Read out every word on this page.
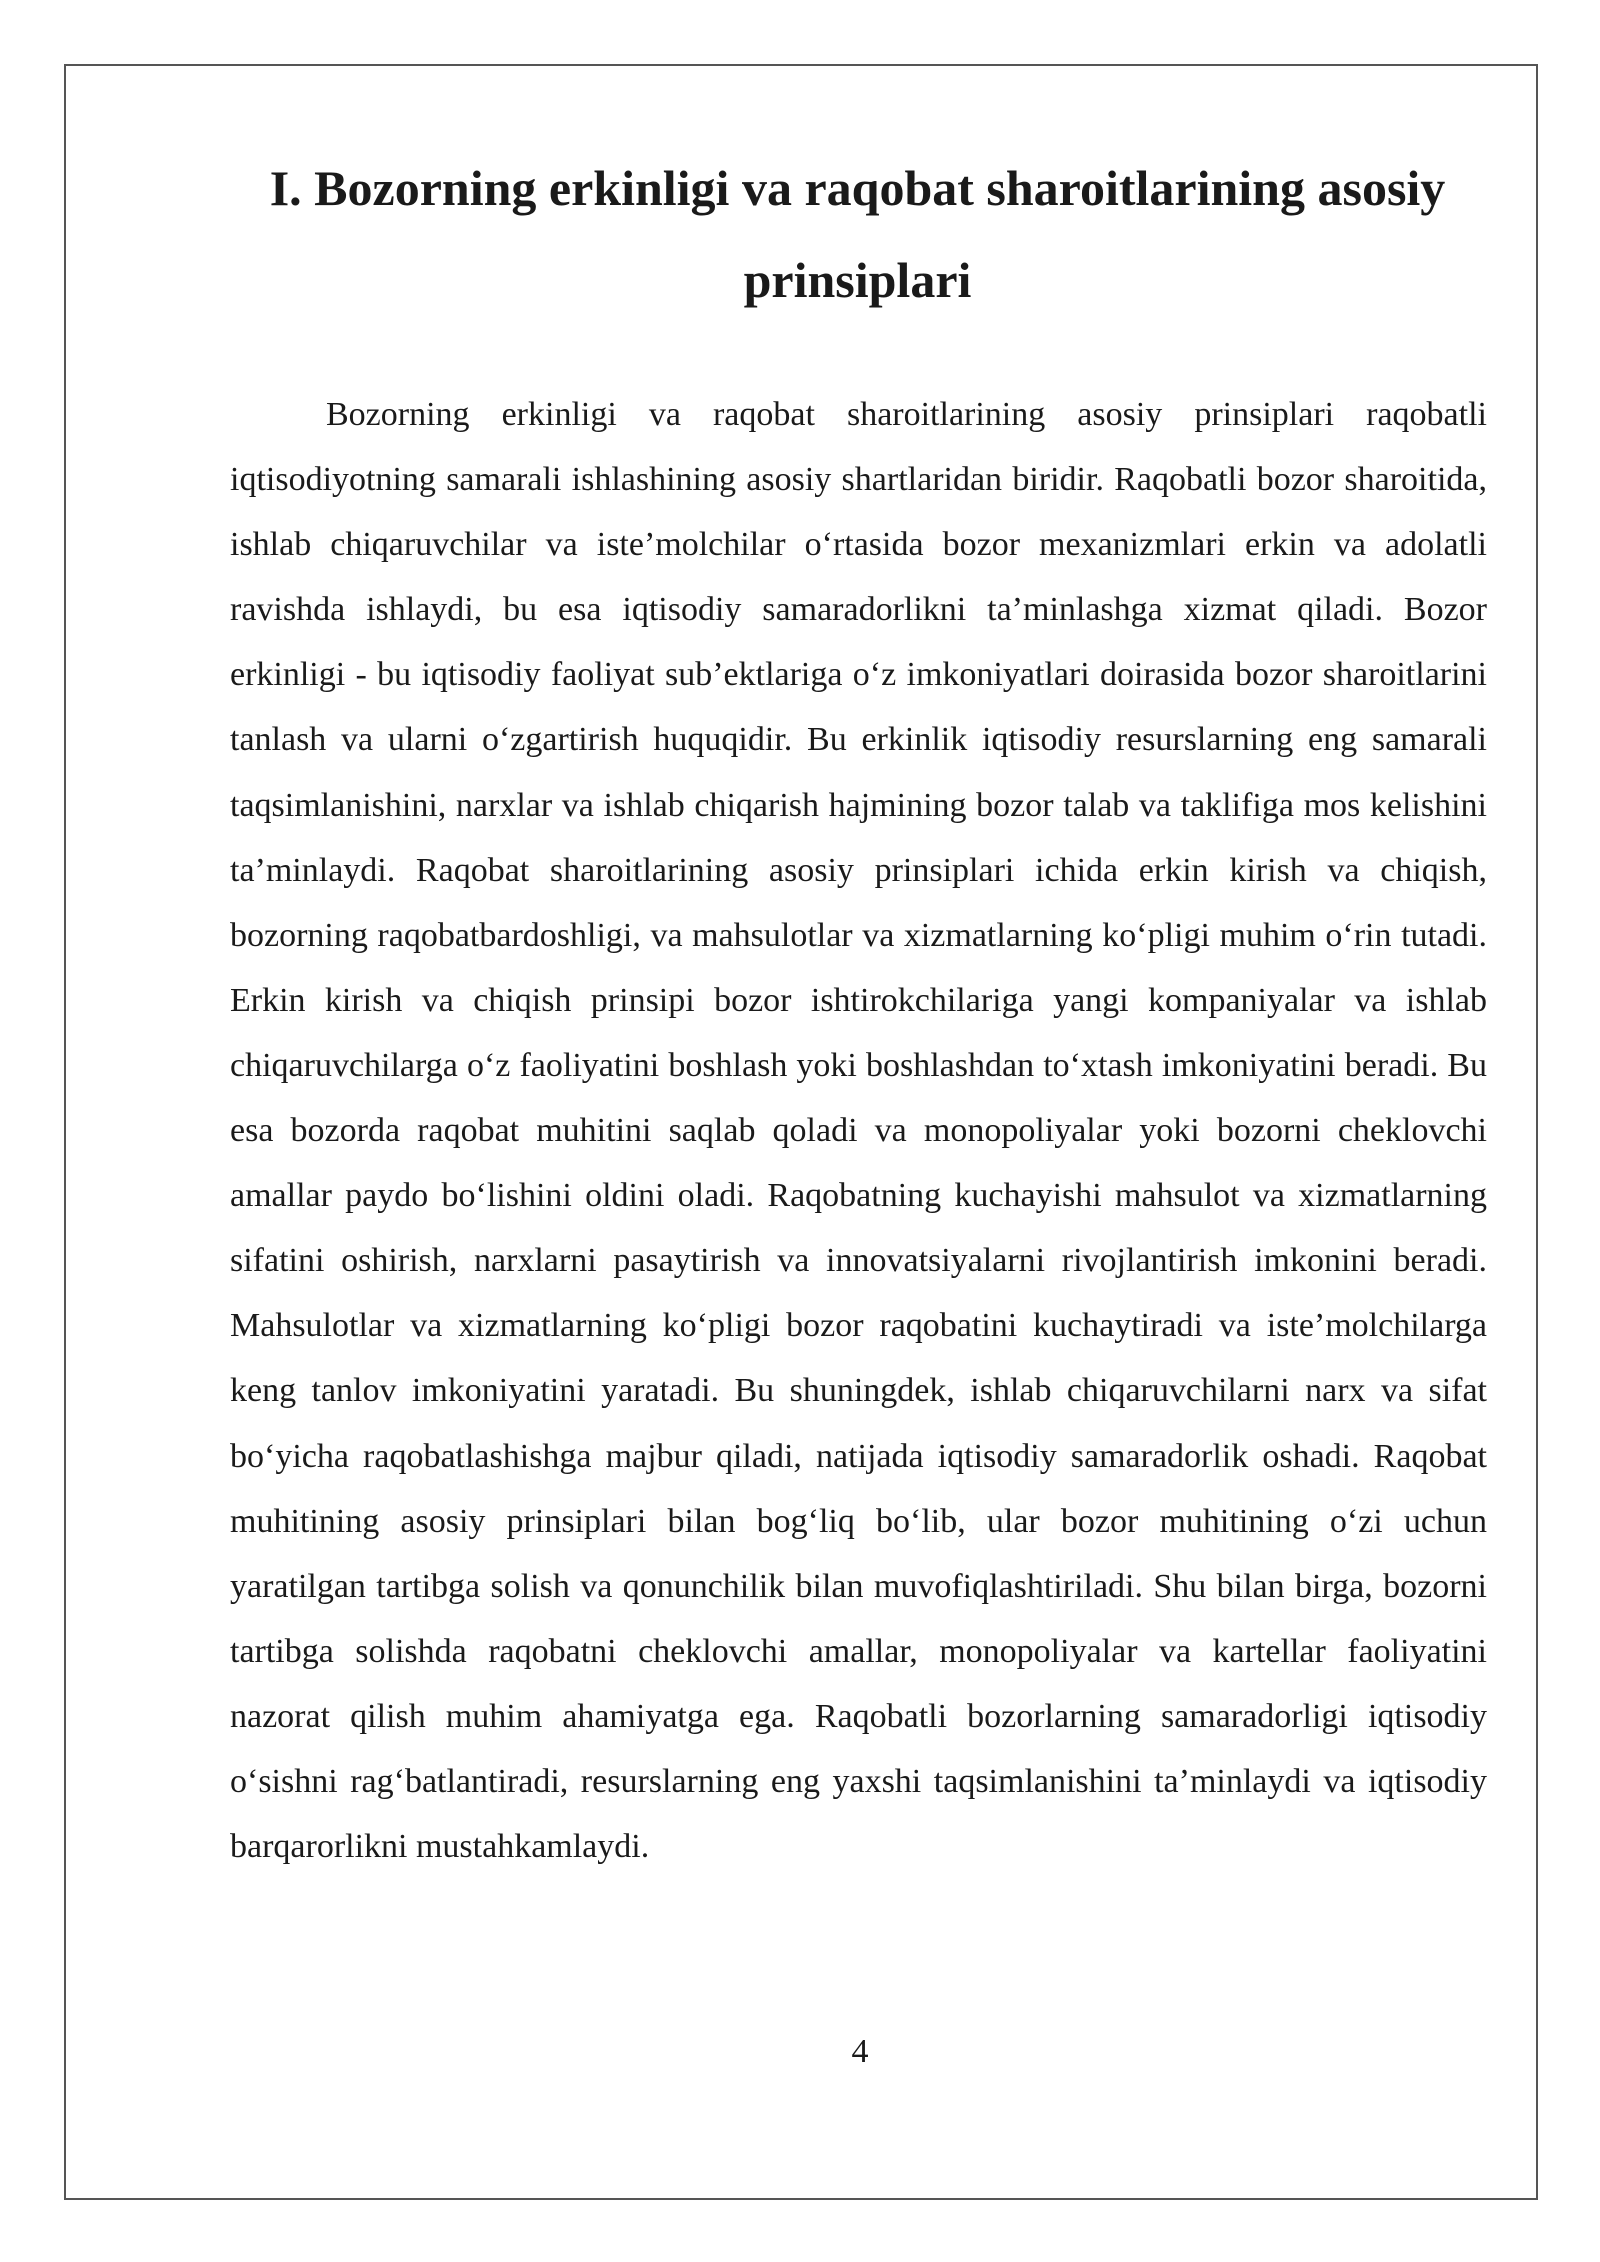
I. Bozorning erkinligi va raqobat sharoitlarining asosiy prinsiplari

Bozorning erkinligi va raqobat sharoitlarining asosiy prinsiplari raqobatli iqtisodiyotning samarali ishlashining asosiy shartlaridan biridir. Raqobatli bozor sharoitida, ishlab chiqaruvchilar va iste’molchilar o‘rtasida bozor mexanizmlari erkin va adolatli ravishda ishlaydi, bu esa iqtisodiy samaradorlikni ta’minlashga xizmat qiladi. Bozor erkinligi - bu iqtisodiy faoliyat sub’ektlariga o‘z imkoniyatlari doirasida bozor sharoitlarini tanlash va ularni o‘zgartirish huquqidir. Bu erkinlik iqtisodiy resurslarning eng samarali taqsimlanishini, narxlar va ishlab chiqarish hajmining bozor talab va taklifiga mos kelishini ta’minlaydi. Raqobat sharoitlarining asosiy prinsiplari ichida erkin kirish va chiqish, bozorning raqobatbardoshligi, va mahsulotlar va xizmatlarning ko‘pligi muhim o‘rin tutadi. Erkin kirish va chiqish prinsipi bozor ishtirokchilariga yangi kompaniyalar va ishlab chiqaruvchilarga o‘z faoliyatini boshlash yoki boshlashdan to‘xtash imkoniyatini beradi. Bu esa bozorda raqobat muhitini saqlab qoladi va monopoliyalar yoki bozorni cheklovchi amallar paydo bo‘lishini oldini oladi. Raqobatning kuchayishi mahsulot va xizmatlarning sifatini oshirish, narxlarni pasaytirish va innovatsiyalarni rivojlantirish imkonini beradi. Mahsulotlar va xizmatlarning ko‘pligi bozor raqobatini kuchaytiradi va iste’molchilarga keng tanlov imkoniyatini yaratadi. Bu shuningdek, ishlab chiqaruvchilarni narx va sifat bo‘yicha raqobatlashishga majbur qiladi, natijada iqtisodiy samaradorlik oshadi. Raqobat muhitining asosiy prinsiplari bilan bog‘liq bo‘lib, ular bozor muhitining o‘zi uchun yaratilgan tartibga solish va qonunchilik bilan muvofiqlashtiriladi. Shu bilan birga, bozorni tartibga solishda raqobatni cheklovchi amallar, monopoliyalar va kartellar faoliyatini nazorat qilish muhim ahamiyatga ega. Raqobatli bozorlarning samaradorligi iqtisodiy o‘sishni rag‘batlantiradi, resurslarning eng yaxshi taqsimlanishini ta’minlaydi va iqtisodiy barqarorlikni mustahkamlaydi.

4
